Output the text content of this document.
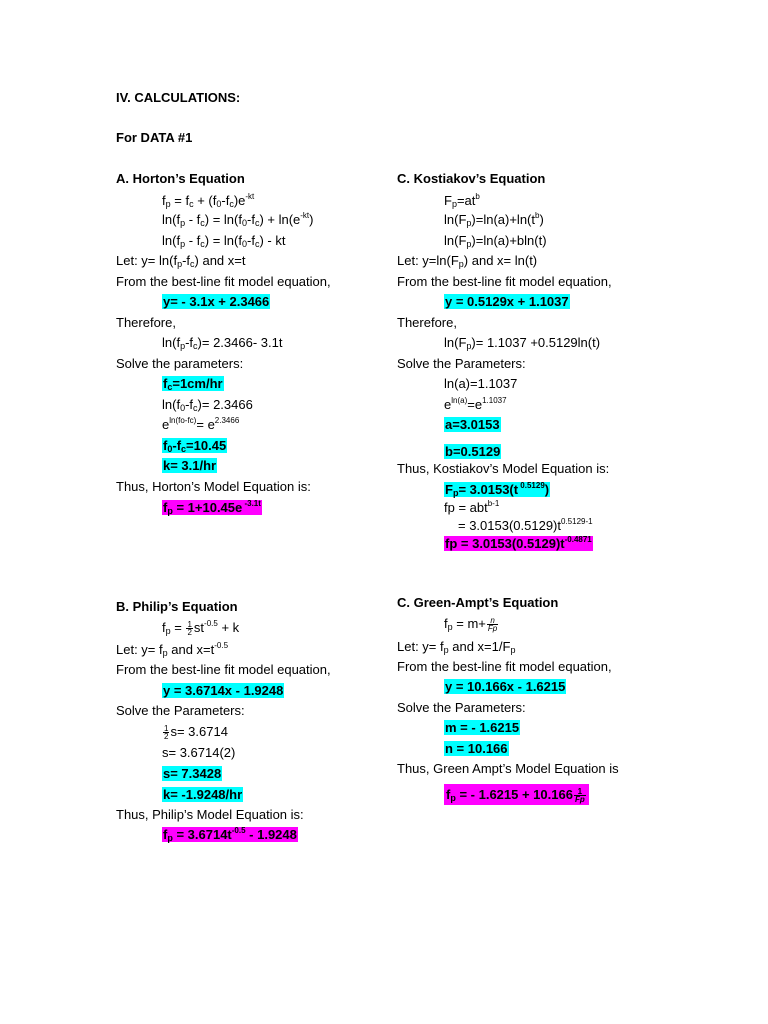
IV. CALCULATIONS:
For DATA #1
A. Horton’s Equation
$f_p = f_c + (f_0-f_c)e^{-kt}$
$\ln(f_p - f_c) = \ln(f_0-f_c) + \ln(e^{-kt})$
$\ln(f_p - f_c) = \ln(f_0-f_c)$ - kt
Let: $y= \ln(f_p-f_c)$ and x=t
From the best-line fit model equation,
y= - 3.1x + 2.3466
Therefore,
$\ln(f_p-f_c)= 2.3466-$ 3.1t
Solve the parameters:
$f_c=1cm/hr$
$\ln(f_0-f_c)= 2.3466$
$e^{ln(fo-fc)}= e^{2.3466}$
$f_0-f_c=10.45$
k= 3.1/hr
Thus, Horton’s Model Equation is:
$f_p = 1+10.45e$ $^{-3.1t}$
C. Kostiakov’s Equation
$F_p=at^b$
$\ln(F_p)=\ln(a)+\ln(t^b)$
$\ln(F_p)=\ln(a)+bln(t)$
Let: $y=\ln(F_p)$ and x= ln(t)
From the best-line fit model equation,
y = 0.5129x + 1.1037
Therefore,
$\ln(F_p)= 1.1037 +0.5129\ln(t)$
Solve the Parameters:
ln(a)=1.1037
$e^{ln(a)}=e^{1.1037}$
a=3.0153
b=0.5129
Thus, Kostiakov’s Model Equation is:
$F_p= 3.0153(t$ $^{0.5129}$)
fp = abt$^{b-1}$
= $3.0153(0.5129)t^{0.5129-1}$
fp = $3.0153(0.5129)t^{-0.4871}$
B. Philip’s Equation
$f_p = \frac{1}{2} st^{-0.5} + k$
Let: $y= f_p$ and $x=t^{-0.5}$
From the best-line fit model equation,
y = 3.6714x - 1.9248
Solve the Parameters:
$\frac{1}{2} s= 3.6714$
s= 3.6714(2)
s= 7.3428
k= -1.9248/hr
Thus, Philip’s Model Equation is:
$f_p = 3.6714t^{-0.5} - 1.9248$
C. Green-Ampt’s Equation
$f_p = m+ \frac{n}{Fp}$
Let: $y= f_p$ and $x=1/F_p$
From the best-line fit model equation,
y = 10.166x - 1.6215
Solve the Parameters:
m = - 1.6215
n = 10.166
Thus, Green Ampt’s Model Equation is
$f_p$ = - $1.6215 + 10.166 \frac{1}{Fp}$
